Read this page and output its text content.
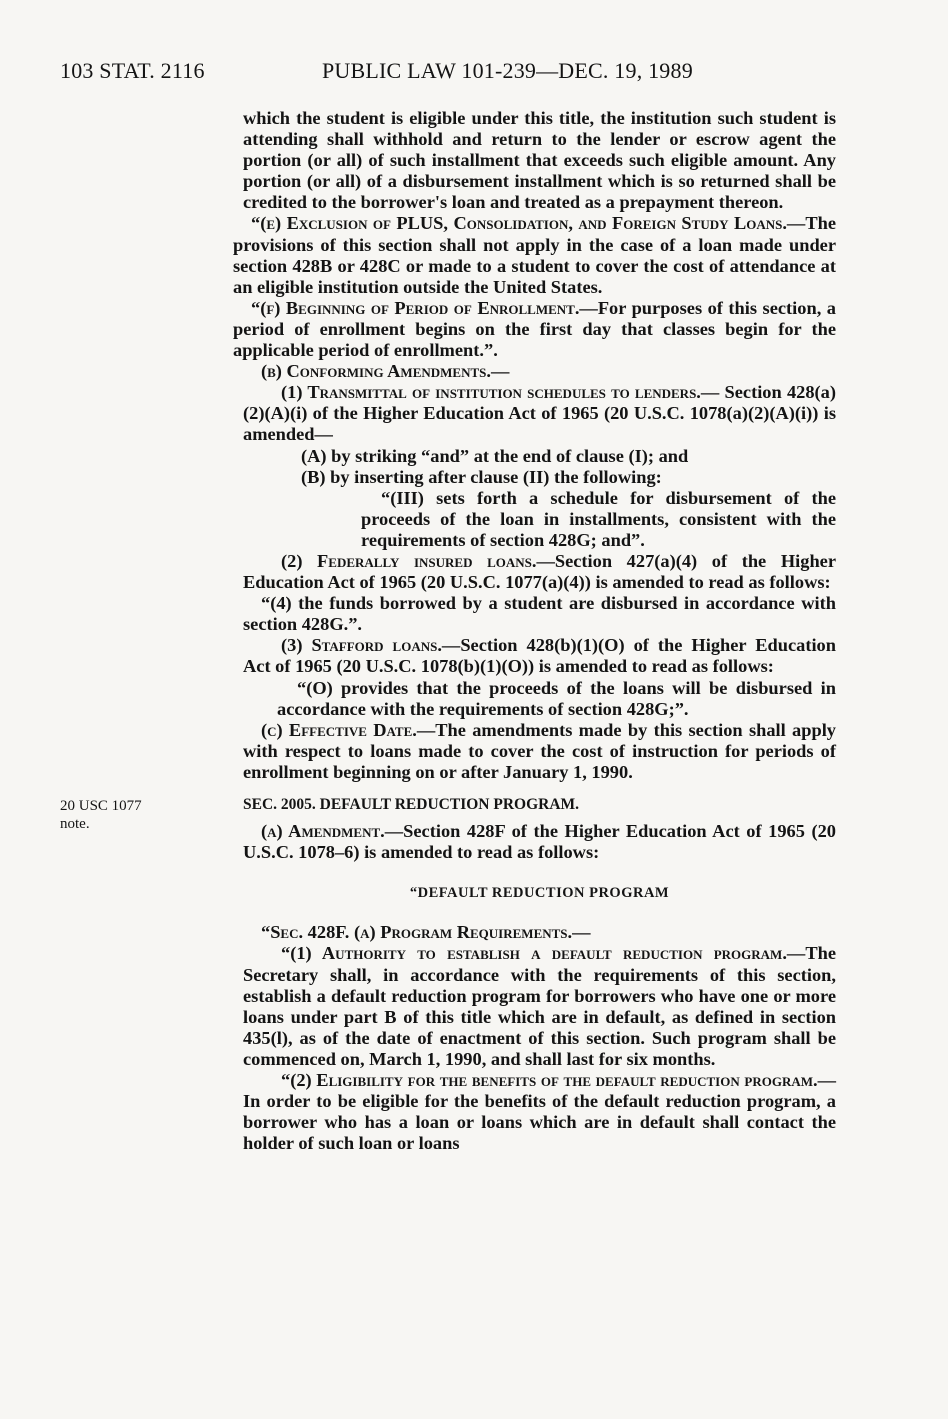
103 STAT. 2116	PUBLIC LAW 101-239—DEC. 19, 1989
20 USC 1077
note.

which the student is eligible under this title, the institution such student is attending shall withhold and return to the lender or escrow agent the portion (or all) of such installment that exceeds such eligible amount. Any portion (or all) of a disbursement installment which is so returned shall be credited to the borrower's loan and treated as a prepayment thereon.

“(e) Exclusion of PLUS, Consolidation, and Foreign Study Loans.—The provisions of this section shall not apply in the case of a loan made under section 428B or 428C or made to a student to cover the cost of attendance at an eligible institution outside the United States.

“(f) Beginning of Period of Enrollment.—For purposes of this section, a period of enrollment begins on the first day that classes begin for the applicable period of enrollment.”.

(b) Conforming Amendments.—

(1) Transmittal of institution schedules to lenders.— Section 428(a)(2)(A)(i) of the Higher Education Act of 1965 (20 U.S.C. 1078(a)(2)(A)(i)) is amended—

(A) by striking “and” at the end of clause (I); and

(B) by inserting after clause (II) the following:

“(III) sets forth a schedule for disbursement of the proceeds of the loan in installments, consistent with the requirements of section 428G; and”.

(2) Federally insured loans.—Section 427(a)(4) of the Higher Education Act of 1965 (20 U.S.C. 1077(a)(4)) is amended to read as follows:

“(4) the funds borrowed by a student are disbursed in accordance with section 428G.”.

(3) Stafford loans.—Section 428(b)(1)(O) of the Higher Education Act of 1965 (20 U.S.C. 1078(b)(1)(O)) is amended to read as follows:

“(O) provides that the proceeds of the loans will be disbursed in accordance with the requirements of section 428G;”.

(c) Effective Date.—The amendments made by this section shall apply with respect to loans made to cover the cost of instruction for periods of enrollment beginning on or after January 1, 1990.

SEC. 2005. DEFAULT REDUCTION PROGRAM.

(a) Amendment.—Section 428F of the Higher Education Act of 1965 (20 U.S.C. 1078–6) is amended to read as follows:

“DEFAULT REDUCTION PROGRAM

“Sec. 428F. (a) Program Requirements.—

“(1) Authority to establish a default reduction program.—The Secretary shall, in accordance with the requirements of this section, establish a default reduction program for borrowers who have one or more loans under part B of this title which are in default, as defined in section 435(l), as of the date of enactment of this section. Such program shall be commenced on, March 1, 1990, and shall last for six months.

“(2) Eligibility for the benefits of the default reduction program.—In order to be eligible for the benefits of the default reduction program, a borrower who has a loan or loans which are in default shall contact the holder of such loan or loans
